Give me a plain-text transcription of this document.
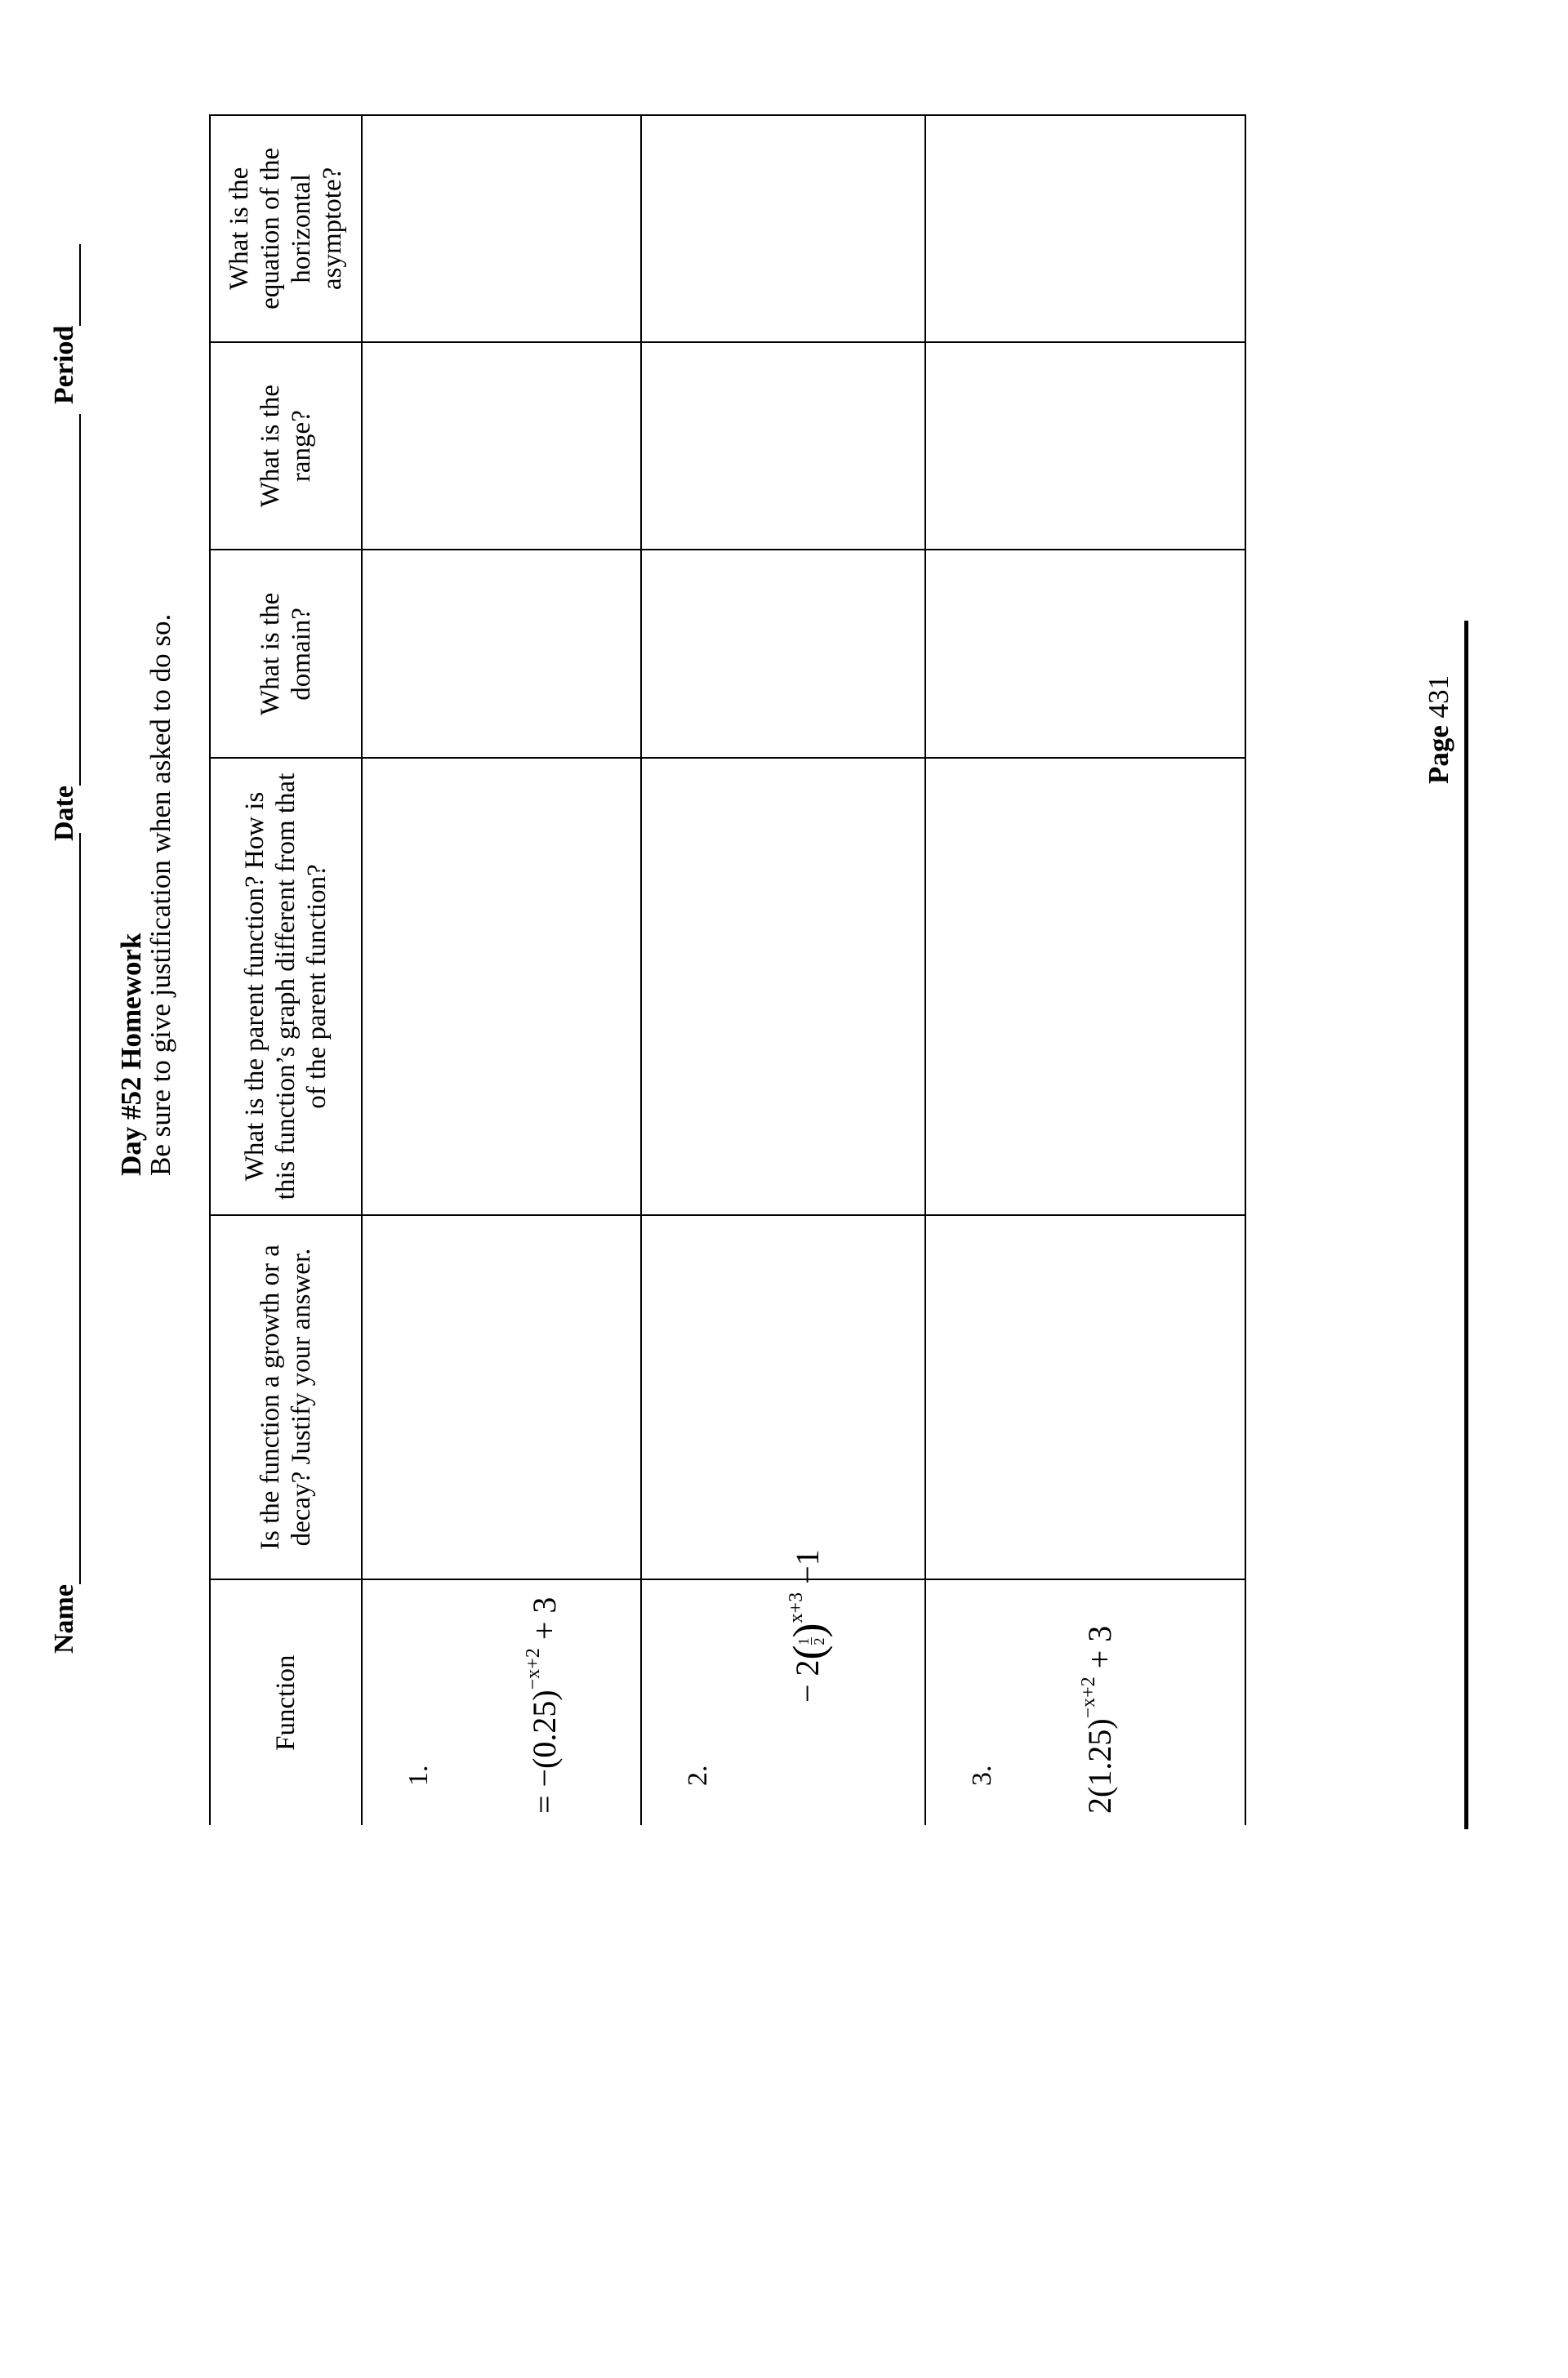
Name
Date
Period
Day #52 Homework
Be sure to give justification when asked to do so.
Function
1.	= $-(0.25)^{-x+2} + 3$
2.
− 2(
1 2
)$^{x+3}$ −1
3.	$2(1.25)^{-x+2} + 3$
Is the function a growth or a decay? Justify your answer.
What is the parent function? How is this function’s graph different from that of the parent function?
What is the domain?
What is the range?
What is the equation of the horizontal asymptote?
Page 431
